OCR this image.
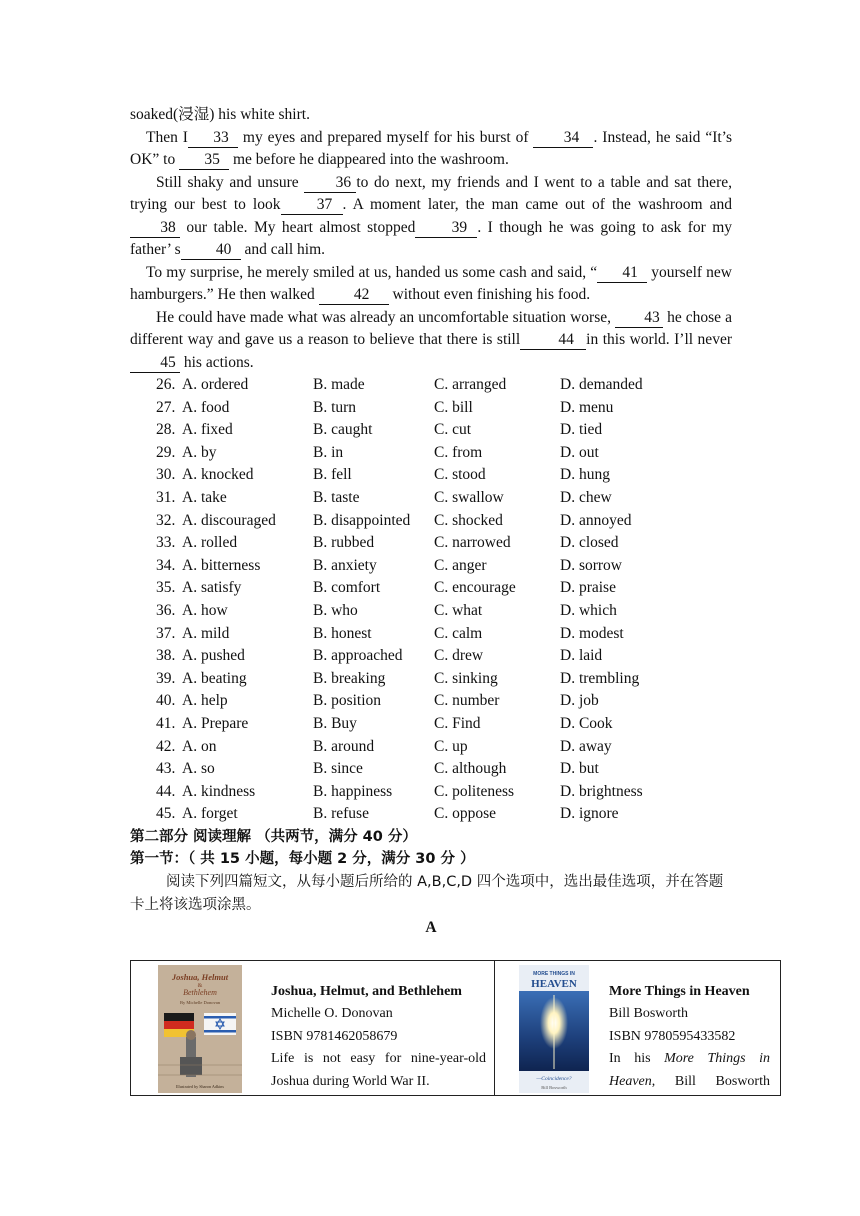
soaked(浸湿) his white shirt.

Then I 33 my eyes and prepared myself for his burst of 34 . Instead, he said “It’s OK” to 35 me before he diappeared into the washroom.

Still shaky and unsure 36 to do next, my friends and I went to a table and sat there, trying our best to look 37 . A moment later, the man came out of the washroom and38 our table. My heart almost stopped 39 . I though he was going to ask for my father’ s 40 and call him.

To my surprise, he merely smiled at us, handed us some cash and said, “ 41 yourself new hamburgers.” He then walked 42 without even finishing his food.

He could have made what was already an uncomfortable situation worse, 43 he chose a different way and gave us a reason to believe that there is still 44 in this world. I’ll never45 his actions.

26. A. ordered	B. made	C. arranged	D. demanded
27. A. food	B. turn	C. bill	D. menu
28. A. fixed	B. caught	C. cut	D. tied
29. A. by	B. in	C. from	D. out
30. A. knocked	B. fell	C. stood	D. hung
31. A. take	B. taste	C. swallow	D. chew
32. A. discouraged B. disappointed C. shocked	D. annoyed
33. A. rolled	B. rubbed	C. narrowed	D. closed
34. A. bitterness	B. anxiety	C. anger	D. sorrow
35. A. satisfy	B. comfort	C. encourage	D. praise
36. A. how	B. who	C. what	D. which
37. A. mild	B. honest	C. calm	D. modest
38. A. pushed	B. approached C. drew	D. laid
39. A. beating	B. breaking	C. sinking	D. trembling
40. A. help	B. position	C. number	D. job
41. A. Prepare	B. Buy	C. Find	D. Cook
42. A. on	B. around	C. up	D. away
43. A. so	B. since	C. although	D. but
44. A. kindness	B. happiness	C. politeness	D. brightness
45. A. forget	B. refuse	C. oppose	D. ignore
第二部分 阅读理解 （共两节，满分 40 分）
第一节：（ 共 15 小题，每小题 2 分，满分 30 分 ）
阅读下列四篇短文，从每小题后所给的 A,B,C,D 四个选项中，选出最佳选项，并在答题卡上将该选项涂黑。
A
Joshua, Helmut
&
Bethlehem
By Michelle Donovan
Illustrated by Sharon Adkins
Joshua, Helmut, and Bethlehem
Michelle O. Donovan
ISBN 9781462058679
Life is not easy for nine-year-old
Joshua during World War II.

MORE THINGS IN
HEAVEN
—Coincidence?
Bill Bosworth
More Things in Heaven
Bill Bosworth
ISBN 9780595433582
In his More Things in Heaven, Bill Bosworth
